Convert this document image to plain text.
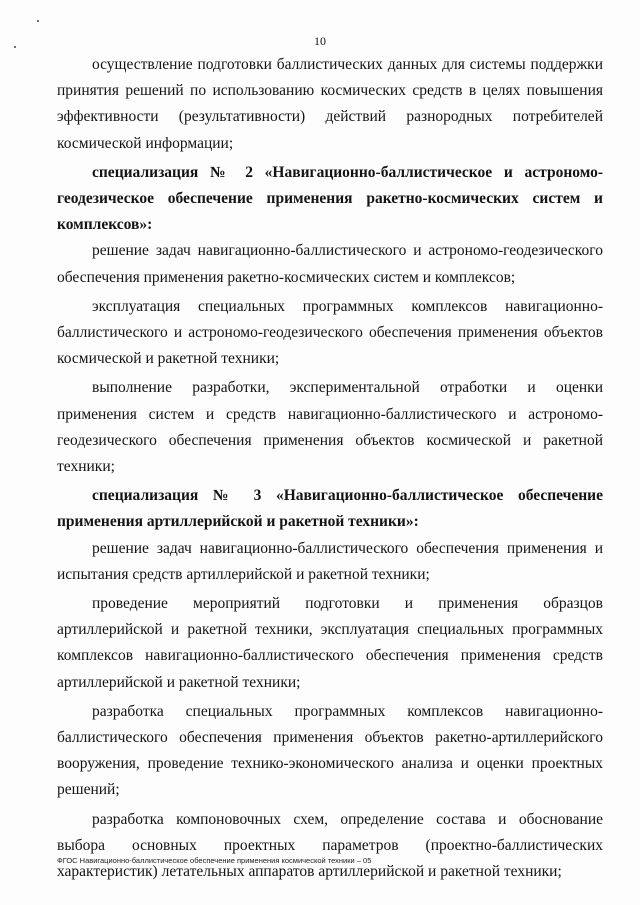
10

осуществление подготовки баллистических данных для системы поддержки принятия решений по использованию космических средств в целях повышения эффективности (результативности) действий разнородных потребителей космической информации;

специализация № 2 «Навигационно-баллистическое и астрономо-геодезическое обеспечение применения ракетно-космических систем и комплексов»:

решение задач навигационно-баллистического и астрономо-геодезического обеспечения применения ракетно-космических систем и комплексов;

эксплуатация специальных программных комплексов навигационно-баллистического и астрономо-геодезического обеспечения применения объектов космической и ракетной техники;

выполнение разработки, экспериментальной отработки и оценки применения систем и средств навигационно-баллистического и астрономо-геодезического обеспечения применения объектов космической и ракетной техники;

специализация № 3 «Навигационно-баллистическое обеспечение применения артиллерийской и ракетной техники»:

решение задач навигационно-баллистического обеспечения применения и испытания средств артиллерийской и ракетной техники;

проведение мероприятий подготовки и применения образцов артиллерийской и ракетной техники, эксплуатация специальных программных комплексов навигационно-баллистического обеспечения применения средств артиллерийской и ракетной техники;

разработка специальных программных комплексов навигационно-баллистического обеспечения применения объектов ракетно-артиллерийского вооружения, проведение технико-экономического анализа и оценки проектных решений;

разработка компоновочных схем, определение состава и обоснование выбора основных проектных параметров (проектно-баллистических характеристик) летательных аппаратов артиллерийской и ракетной техники;

ФГОС Навигационно-баллистическое обеспечение применения космической техники – 05
